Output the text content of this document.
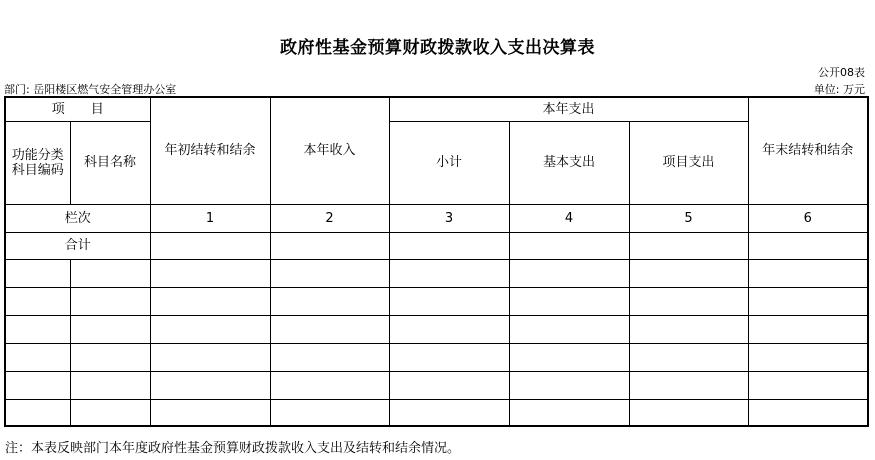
政府性基金预算财政拨款收入支出决算表
公开08表
部门: 岳阳楼区燃气安全管理办公室	单位: 万元
项　　目		年初结转和结余	本年收入	本年支出			年末结转和结余
功能分类科目编码	科目名称			小计	基本支出	项目支出	
栏次		1	2	3	4	5	6
合计							

注：本表反映部门本年度政府性基金预算财政拨款收入支出及结转和结余情况。
